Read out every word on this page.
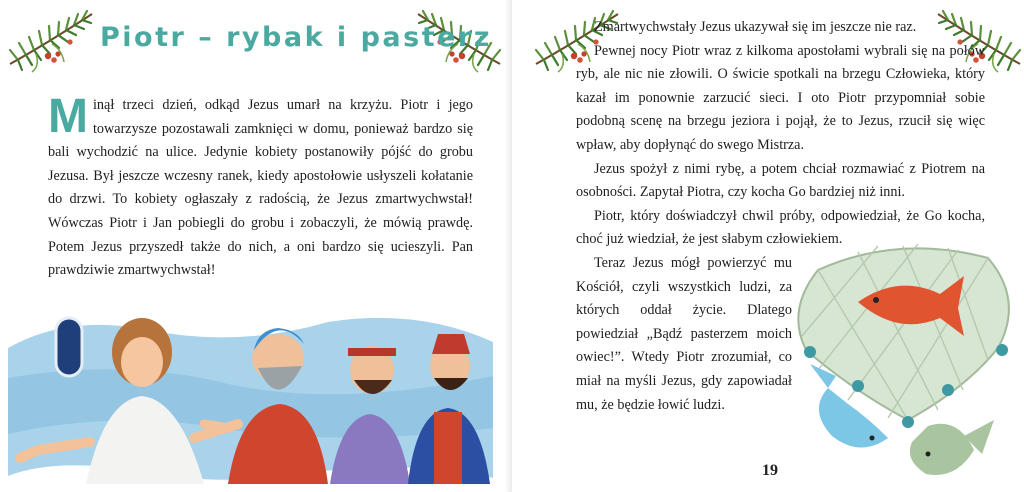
Piotr – rybak i pasterz
Minął trzeci dzień, odkąd Jezus umarł na krzyżu. Piotr i jego towarzysze pozostawali zamknięci w domu, ponieważ bardzo się bali wychodzić na ulice. Jedynie kobiety postanowiły pójść do grobu Jezusa. Był jeszcze wczesny ranek, kiedy apostołowie usłyszeli kołatanie do drzwi. To kobiety ogłaszały z radością, że Jezus zmartwychwstał! Wówczas Piotr i Jan pobiegli do grobu i zobaczyli, że mówią prawdę. Potem Jezus przyszedł także do nich, a oni bardzo się ucieszyli. Pan prawdziwie zmartwychwstał!

Zmartwychwstały Jezus ukazywał się im jeszcze nie raz.

Pewnej nocy Piotr wraz z kilkoma apostołami wybrali się na połów ryb, ale nic nie złowili. O świcie spotkali na brzegu Człowieka, który kazał im ponownie zarzucić sieci. I oto Piotr przypomniał sobie podobną scenę na brzegu jeziora i pojął, że to Jezus, rzucił się więc wpław, aby dopłynąć do swego Mistrza.

Jezus spożył z nimi rybę, a potem chciał rozmawiać z Piotrem na osobności. Zapytał Piotra, czy kocha Go bardziej niż inni.

Piotr, który doświadczył chwil próby, odpowiedział, że Go kocha, choć już wiedział, że jest słabym człowiekiem.

Teraz Jezus mógł powierzyć mu Kościół, czyli wszystkich ludzi, za których oddał życie. Dlatego powiedział „Bądź pasterzem moich owiec!”. Wtedy Piotr zrozumiał, co miał na myśli Jezus, gdy zapowiadał mu, że będzie łowić ludzi.

19
